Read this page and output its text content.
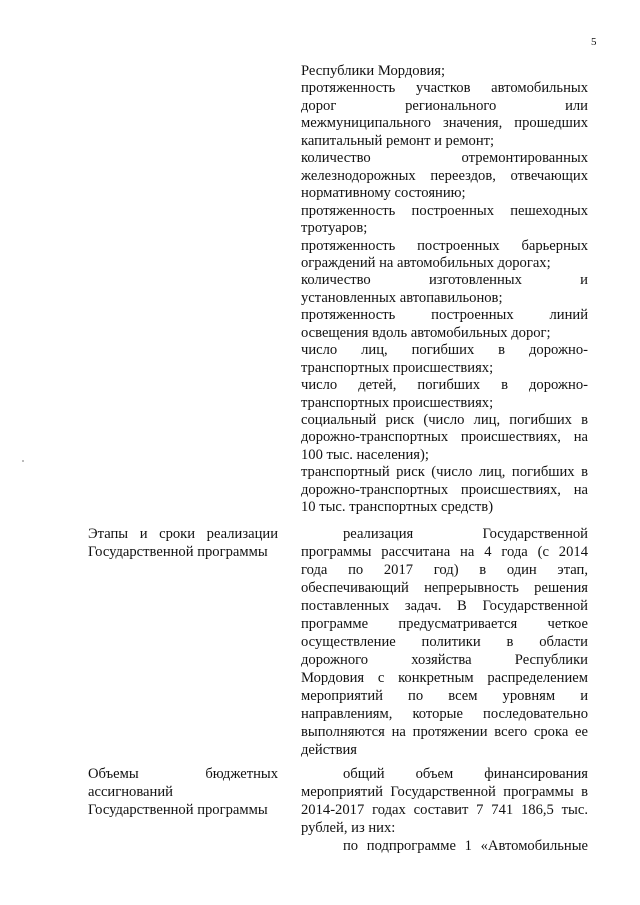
5
Республики Мордовия;
протяженность участков автомобильных
дорог регионального или
межмуниципального значения, прошедших
капитальный ремонт и ремонт;
количество отремонтированных
железнодорожных переездов, отвечающих
нормативному состоянию;
протяженность построенных пешеходных
тротуаров;
протяженность построенных барьерных
ограждений на автомобильных дорогах;
количество изготовленных и
установленных автопавильонов;
протяженность построенных линий
освещения вдоль автомобильных дорог;
число лиц, погибших в дорожно-
транспортных происшествиях;
число детей, погибших в дорожно-
транспортных происшествиях;
социальный риск (число лиц, погибших в
дорожно-транспортных происшествиях, на
100 тыс. населения);
транспортный риск (число лиц, погибших в
дорожно-транспортных происшествиях, на
10 тыс. транспортных средств)
Этапы и сроки реализации
Государственной программы
реализация Государственной
программы рассчитана на 4 года (с 2014
года по 2017 год) в один этап,
обеспечивающий непрерывность решения
поставленных задач. В Государственной
программе предусматривается четкое
осуществление политики в области
дорожного хозяйства Республики
Мордовия с конкретным распределением
мероприятий по всем уровням и
направлениям, которые последовательно
выполняются на протяжении всего срока ее
действия
Объемы бюджетных
ассигнований
Государственной программы
общий объем финансирования
мероприятий Государственной программы в
2014-2017 годах составит 7 741 186,5 тыс.
рублей, из них:
по подпрограмме 1 «Автомобильные
